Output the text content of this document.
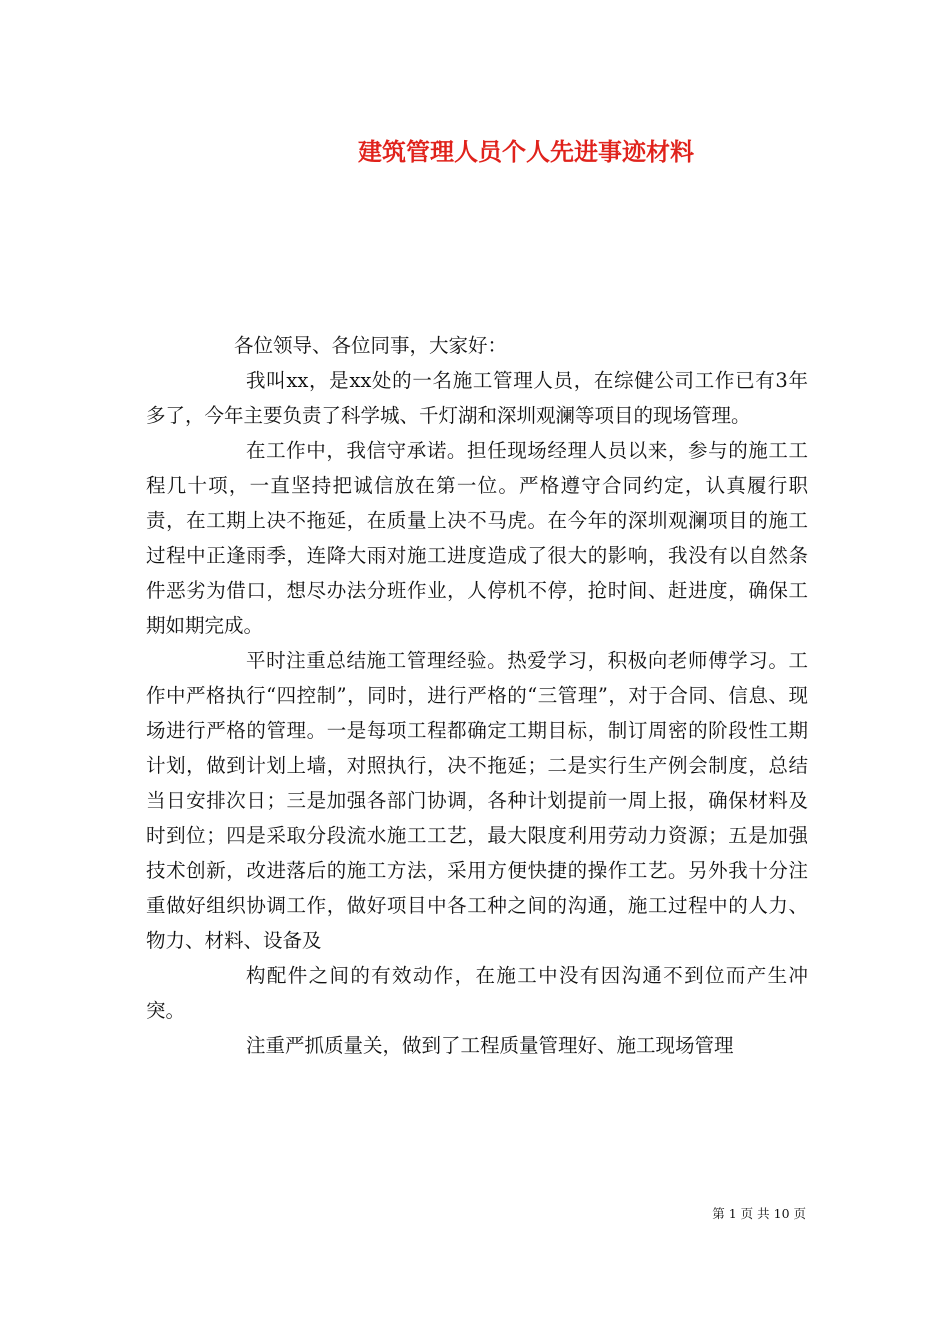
建筑管理人员个人先进事迹材料

各位领导、各位同事，大家好：

我叫xx，是xx处的一名施工管理人员，在综健公司工作已有3年多了，今年主要负责了科学城、千灯湖和深圳观澜等项目的现场管理。

在工作中，我信守承诺。担任现场经理人员以来，参与的施工工程几十项，一直坚持把诚信放在第一位。严格遵守合同约定，认真履行职责，在工期上决不拖延，在质量上决不马虎。在今年的深圳观澜项目的施工过程中正逢雨季，连降大雨对施工进度造成了很大的影响，我没有以自然条件恶劣为借口，想尽办法分班作业，人停机不停，抢时间、赶进度，确保工期如期完成。

平时注重总结施工管理经验。热爱学习，积极向老师傅学习。工作中严格执行“四控制”，同时，进行严格的“三管理”，对于合同、信息、现场进行严格的管理。一是每项工程都确定工期目标，制订周密的阶段性工期计划，做到计划上墙，对照执行，决不拖延；二是实行生产例会制度，总结当日安排次日；三是加强各部门协调，各种计划提前一周上报，确保材料及时到位；四是采取分段流水施工工艺，最大限度利用劳动力资源；五是加强技术创新，改进落后的施工方法，采用方便快捷的操作工艺。另外我十分注重做好组织协调工作，做好项目中各工种之间的沟通，施工过程中的人力、物力、材料、设备及

构配件之间的有效动作，在施工中没有因沟通不到位而产生冲突。

注重严抓质量关，做到了工程质量管理好、施工现场管理

第 1 页 共 10 页
